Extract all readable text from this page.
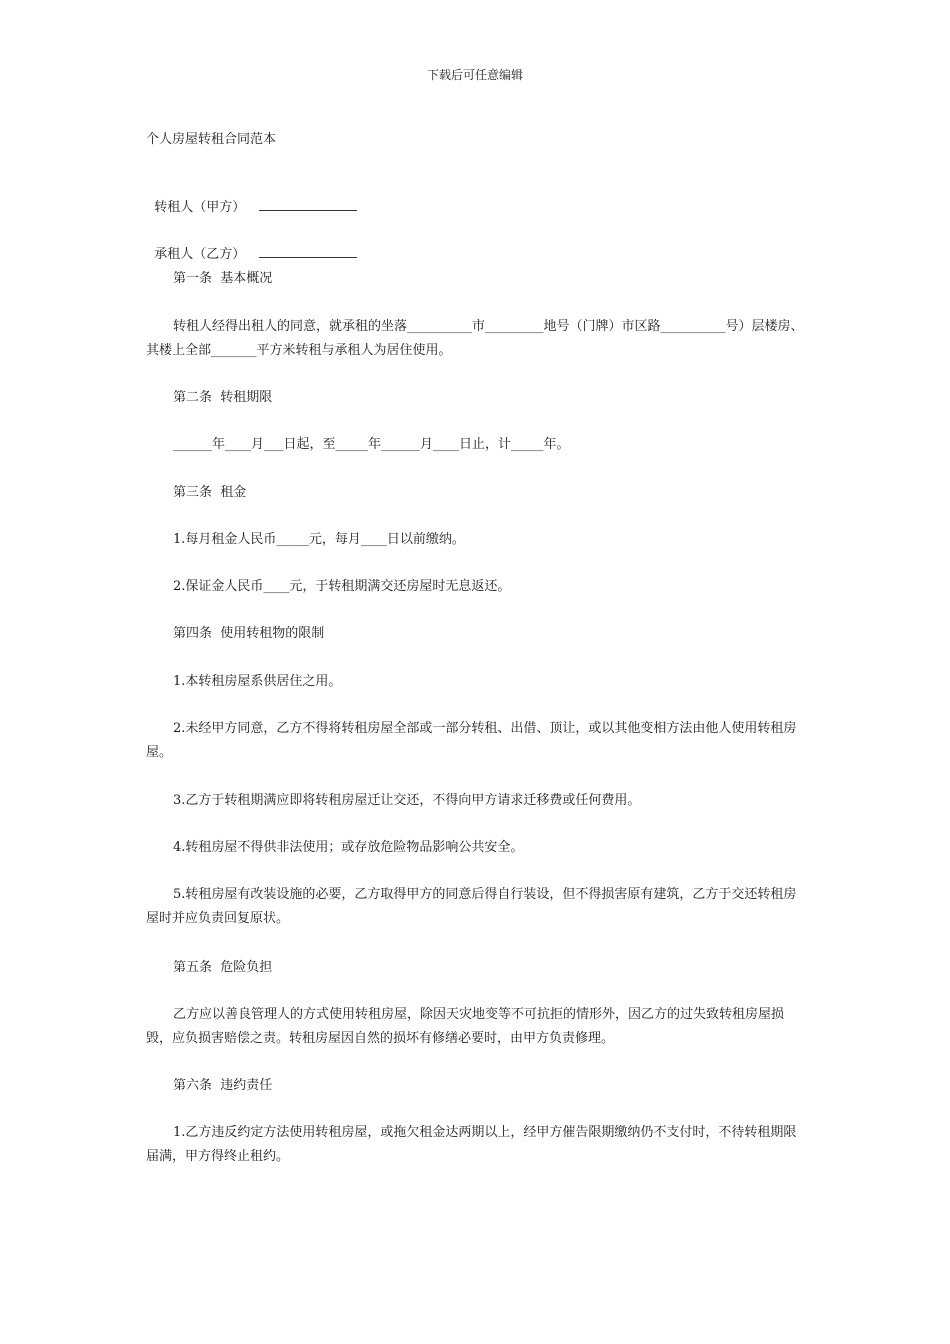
下载后可任意编辑
个人房屋转租合同范本

转租人（甲方）

承租人（乙方）

第一条  基本概况
转租人经得出租人的同意，就承租的坐落__________市_________地号（门牌）市区路__________号）层楼房、其楼上全部_______平方米转租与承租人为居住使用。
第二条  转租期限
______年____月___日起，至_____年______月____日止，计_____年。
第三条  租金
1.每月租金人民币_____元，每月____日以前缴纳。
2.保证金人民币____元，于转租期满交还房屋时无息返还。
第四条  使用转租物的限制
1.本转租房屋系供居住之用。
2.未经甲方同意，乙方不得将转租房屋全部或一部分转租、出借、顶让，或以其他变相方法由他人使用转租房屋。
3.乙方于转租期满应即将转租房屋迁让交还，不得向甲方请求迁移费或任何费用。
4.转租房屋不得供非法使用；或存放危险物品影响公共安全。
5.转租房屋有改装设施的必要，乙方取得甲方的同意后得自行装设，但不得损害原有建筑，乙方于交还转租房屋时并应负责回复原状。
第五条  危险负担
乙方应以善良管理人的方式使用转租房屋，除因天灾地变等不可抗拒的情形外，因乙方的过失致转租房屋损毁，应负损害赔偿之责。转租房屋因自然的损坏有修缮必要时，由甲方负责修理。
第六条  违约责任
1.乙方违反约定方法使用转租房屋，或拖欠租金达两期以上，经甲方催告限期缴纳仍不支付时，不待转租期限届满，甲方得终止租约。
